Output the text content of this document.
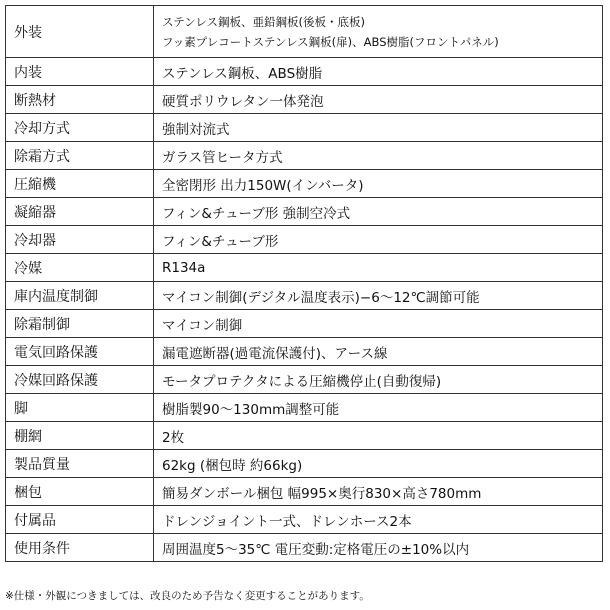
外装	ステンレス鋼板、亜鉛鋼板(後板・底板)
フッ素プレコートステンレス鋼板(扉)、ABS樹脂(フロントパネル)

内装	ステンレス鋼板、ABS樹脂
断熱材	硬質ポリウレタン一体発泡
冷却方式	強制対流式
除霜方式	ガラス管ヒータ方式
圧縮機	全密閉形 出力150W(インバータ)
凝縮器	フィン&チューブ形 強制空冷式
冷却器	フィン&チューブ形
冷媒	R134a
庫内温度制御	マイコン制御(デジタル温度表示)−6〜12℃調節可能
除霜制御	マイコン制御
電気回路保護	漏電遮断器(過電流保護付)、アース線
冷媒回路保護	モータプロテクタによる圧縮機停止(自動復帰)
脚	樹脂製90〜130mm調整可能
棚網	2枚
製品質量	62kg (梱包時 約66kg)
梱包	簡易ダンボール梱包 幅995×奥行830×高さ780mm
付属品	ドレンジョイント一式、ドレンホース2本
使用条件	周囲温度5〜35℃ 電圧変動:定格電圧の±10%以内
※仕様・外観につきましては、改良のため予告なく変更することがあります。
